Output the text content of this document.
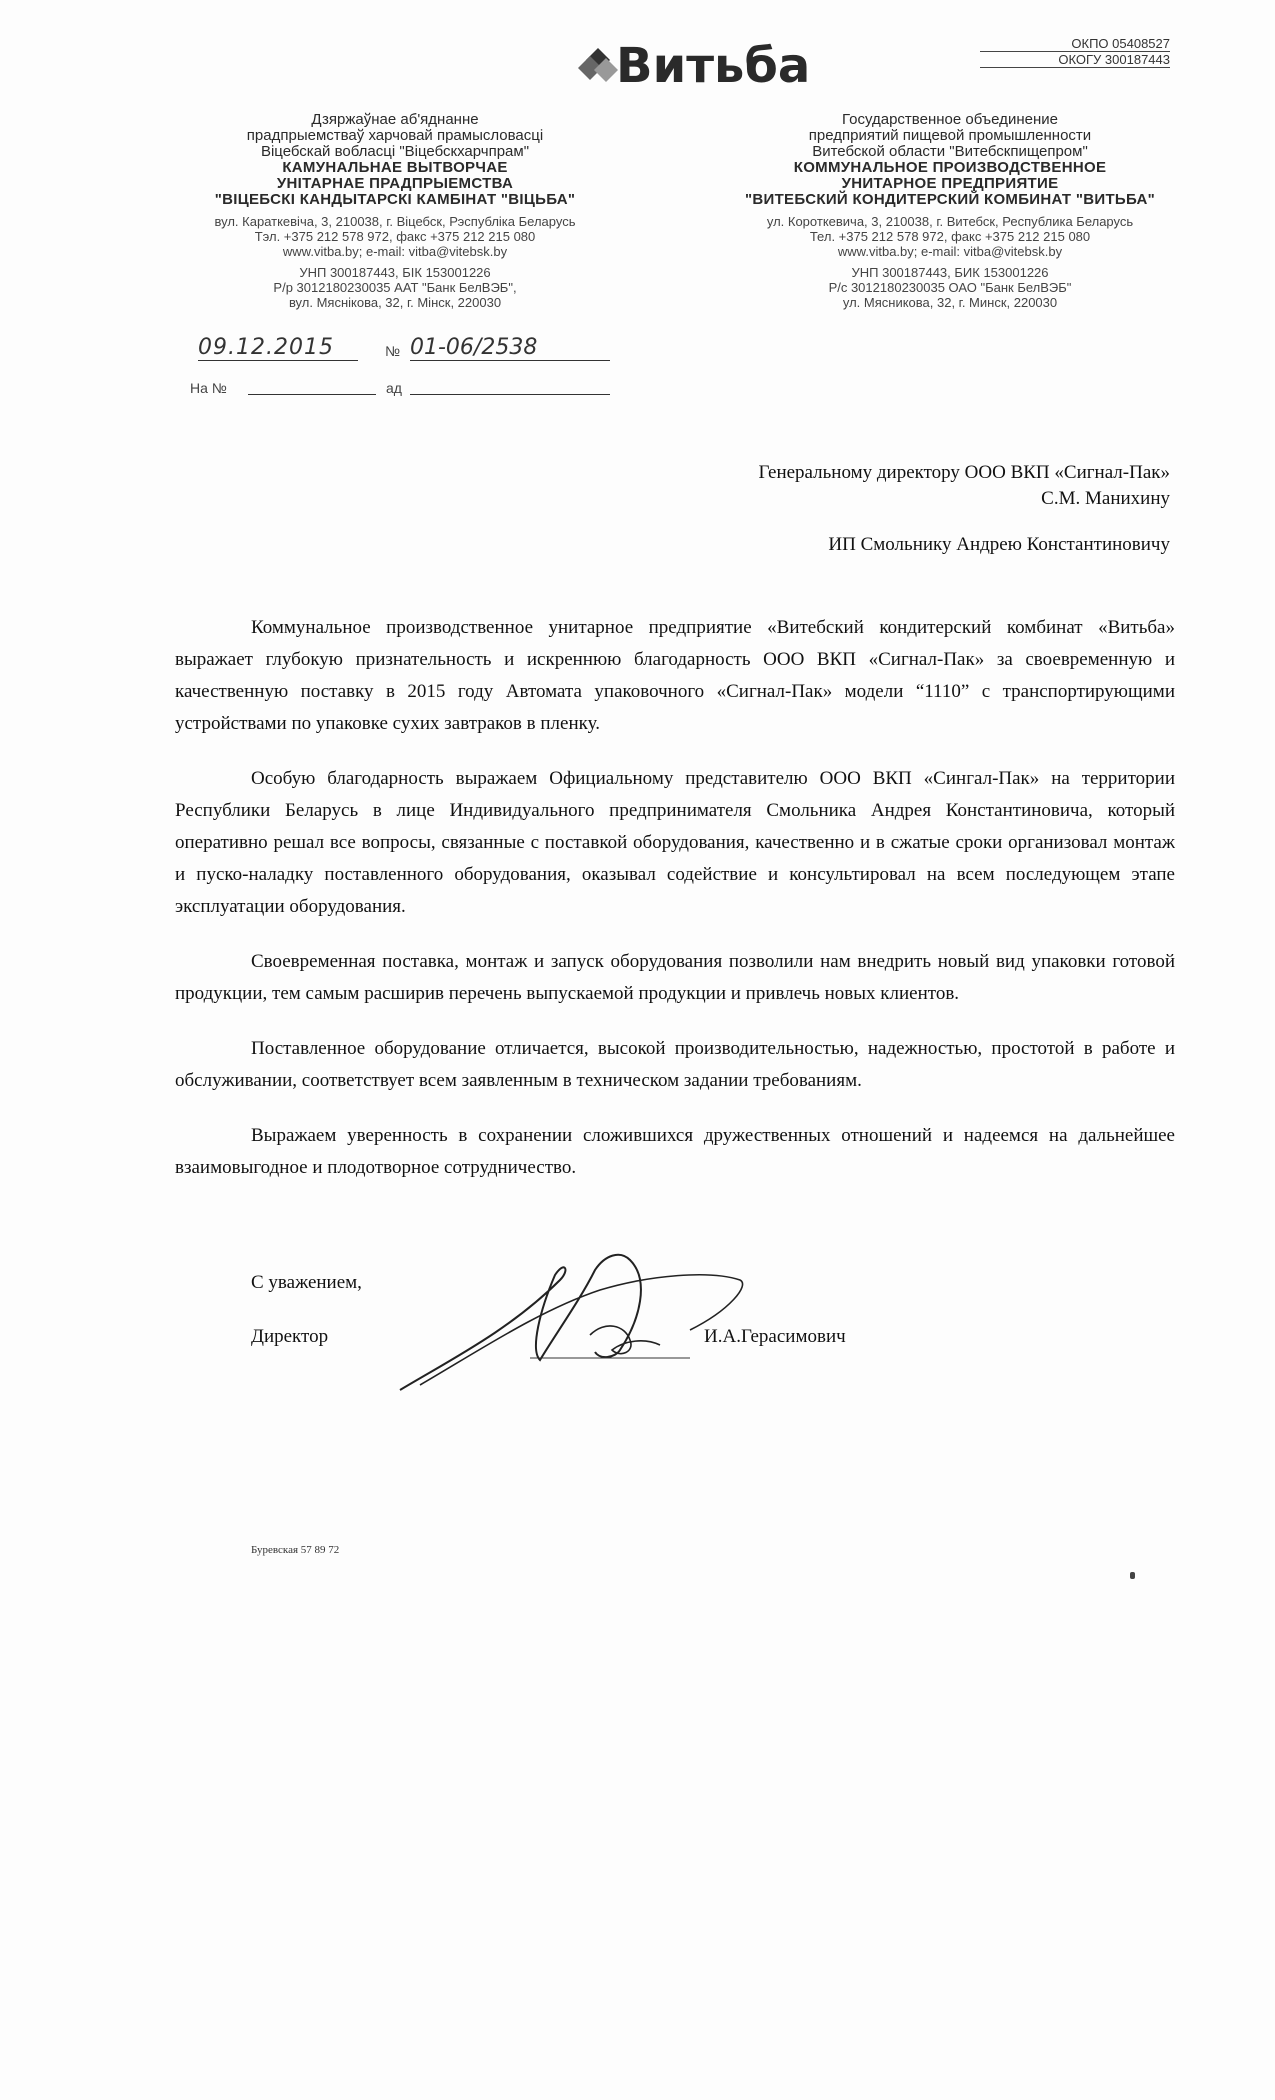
ОКПО 05408527
ОКОГУ 300187443
Витьба
Дзяржаўнае аб'яднанне
прадпрыемстваў харчовай прамысловасці
Віцебскай вобласці "Віцебскхарчпрам"
КАМУНАЛЬНАЕ ВЫТВОРЧАЕ
УНІТАРНАЕ ПРАДПРЫЕМСТВА
"ВІЦЕБСКІ КАНДЫТАРСКІ КАМБІНАТ "ВІЦЬБА"
вул. Караткевіча, 3, 210038, г. Віцебск, Рэспубліка Беларусь
Тэл. +375 212 578 972, факс +375 212 215 080
www.vitba.by; e-mail: vitba@vitebsk.by
УНП 300187443, БІК 153001226
Р/р 3012180230035 ААТ "Банк БелВЭБ",
вул. Мяснікова, 32, г. Мінск, 220030
Государственное объединение
предприятий пищевой промышленности
Витебской области "Витебскпищепром"
КОММУНАЛЬНОЕ ПРОИЗВОДСТВЕННОЕ
УНИТАРНОЕ ПРЕДПРИЯТИЕ
"ВИТЕБСКИЙ КОНДИТЕРСКИЙ КОМБИНАТ "ВИТЬБА"
ул. Короткевича, 3, 210038, г. Витебск, Республика Беларусь
Тел. +375 212 578 972, факс +375 212 215 080
www.vitba.by; e-mail: vitba@vitebsk.by
УНП 300187443, БИК 153001226
Р/с 3012180230035 ОАО "Банк БелВЭБ"
ул. Мясникова, 32, г. Минск, 220030
09.12.2015	№ 01-06/2538
На №	ад
Генеральному директору ООО ВКП «Сигнал-Пак»
С.М. Манихину
ИП Смольнику Андрею Константиновичу

Коммунальное производственное унитарное предприятие «Витебский кондитерский комбинат «Витьба» выражает глубокую признательность и искреннюю благодарность ООО ВКП «Сигнал-Пак» за своевременную и качественную поставку в 2015 году Автомата упаковочного «Сигнал-Пак» модели “1110” с транспортирующими устройствами по упаковке сухих завтраков в пленку.

Особую благодарность выражаем Официальному представителю ООО ВКП «Сингал-Пак» на территории Республики Беларусь в лице Индивидуального предпринимателя Смольника Андрея Константиновича, который оперативно решал все вопросы, связанные с поставкой оборудования, качественно и в сжатые сроки организовал монтаж и пуско-наладку поставленного оборудования, оказывал содействие и консультировал на всем последующем этапе эксплуатации оборудования.

Своевременная поставка, монтаж и запуск оборудования позволили нам внедрить новый вид упаковки готовой продукции, тем самым расширив перечень выпускаемой продукции и привлечь новых клиентов.

Поставленное оборудование отличается, высокой производительностью, надежностью, простотой в работе и обслуживании, соответствует всем заявленным в техническом задании требованиям.

Выражаем уверенность в сохранении сложившихся дружественных отношений и надеемся на дальнейшее взаимовыгодное и плодотворное сотрудничество.

С уважением,
Директор	И.А.Герасимович
Буревская 57 89 72
